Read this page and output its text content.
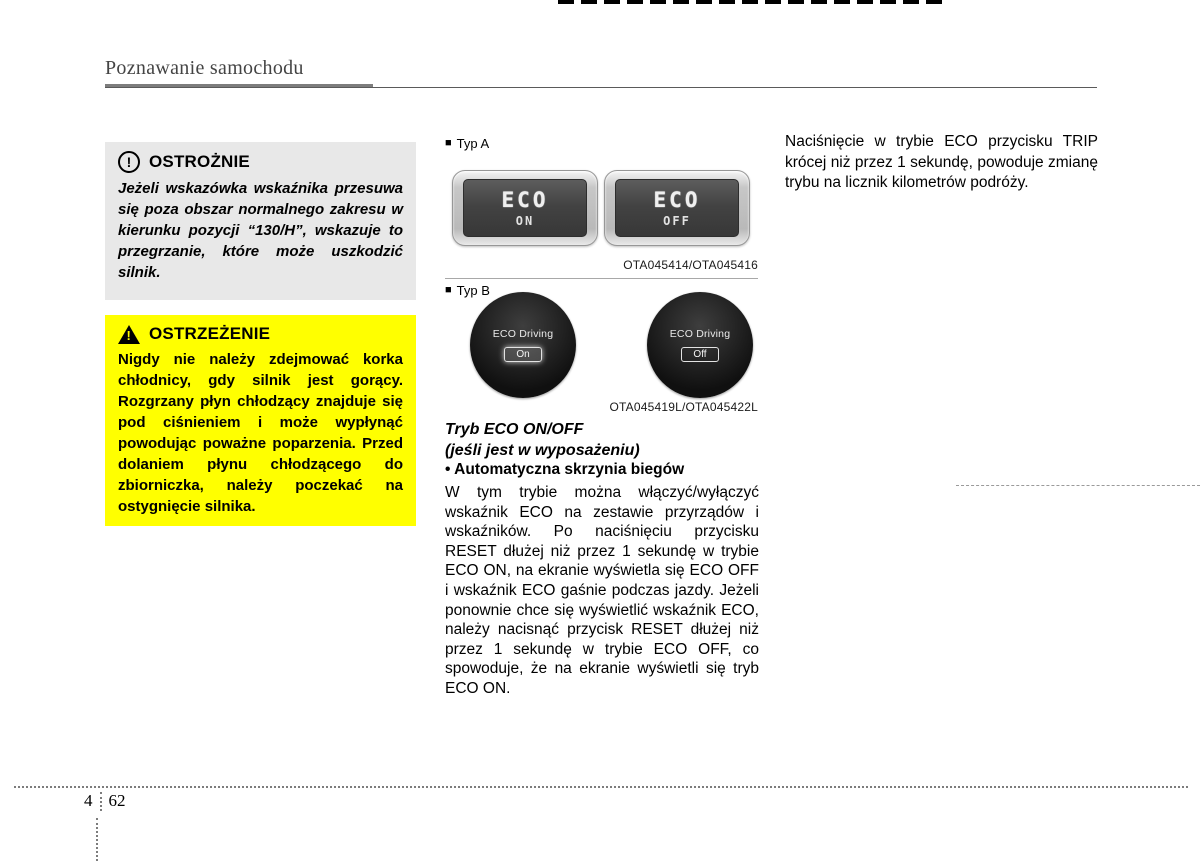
Poznawanie samochodu
!	OSTROŻNIE
Jeżeli wskazówka wskaźnika przesuwa się poza obszar normalnego zakresu w kierunku pozycji “130/H”, wskazuje to przegrzanie, które może uszkodzić silnik.
!
OSTRZEŻENIE
Nigdy nie należy zdejmować korka chłodnicy, gdy silnik jest gorący. Rozgrzany płyn chłodzący znajduje się pod ciśnieniem i może wypłynąć powodując poważne poparzenia. Przed dolaniem płynu chłodzącego do zbiorniczka, należy poczekać na ostygnięcie silnika.
■ Typ A
ECO
ON
ECO
OFF
OTA045414/OTA045416
■ Typ B
ECO Driving
On
ECO Driving
Off
OTA045419L/OTA045422L
Tryb ECO ON/OFF
(jeśli jest w wyposażeniu)
• Automatyczna skrzynia biegów
W tym trybie można włączyć/wyłączyć wskaźnik ECO na zestawie przyrządów i wskaźników. Po naciśnięciu przycisku RESET dłużej niż przez 1 sekundę w trybie ECO ON, na ekranie wyświetla się ECO OFF i wskaźnik ECO gaśnie podczas jazdy. Jeżeli ponownie chce się wyświetlić wskaźnik ECO, należy nacisnąć przycisk RESET dłużej niż przez 1 sekundę w trybie ECO OFF, co spowoduje, że na ekranie wyświetli się tryb ECO ON.
Naciśnięcie w trybie ECO przycisku TRIP krócej niż przez 1 sekundę, powoduje zmianę trybu na licznik kilometrów podróży.
4 62
